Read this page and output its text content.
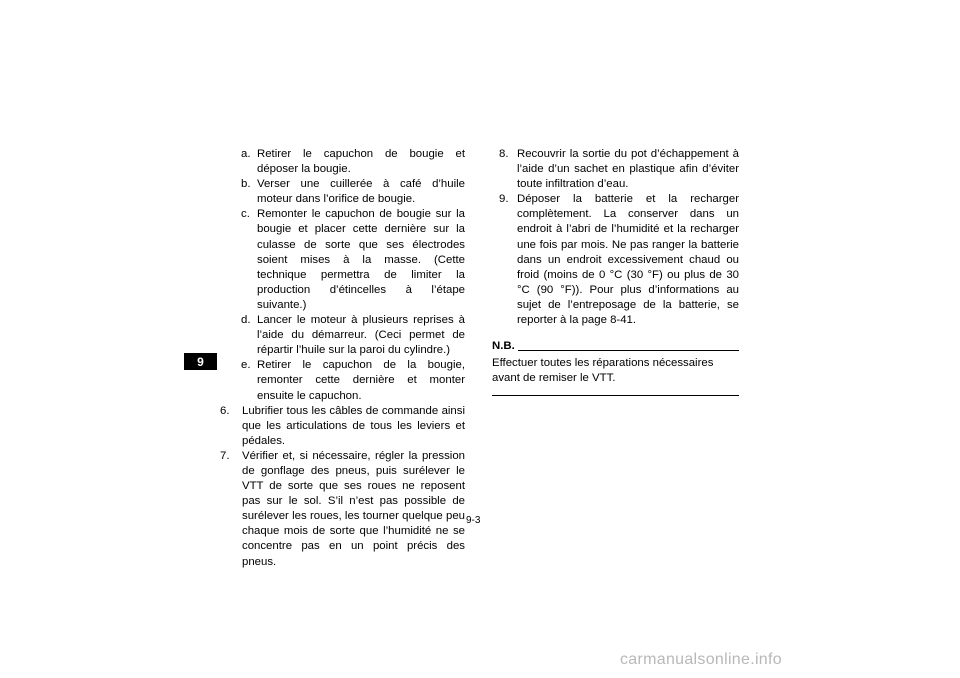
9
a. Retirer le capuchon de bougie et déposer la bougie.
b. Verser une cuillerée à café d’huile moteur dans l’orifice de bougie.
c. Remonter le capuchon de bougie sur la bougie et placer cette dernière sur la culasse de sorte que ses électrodes soient mises à la masse. (Cette technique permettra de limiter la production d’étincelles à l’étape suivante.)
d. Lancer le moteur à plusieurs reprises à l’aide du démarreur. (Ceci permet de répartir l’huile sur la paroi du cylindre.)
e. Retirer le capuchon de la bougie, remonter cette dernière et monter ensuite le capuchon.
6. Lubrifier tous les câbles de commande ainsi que les articulations de tous les leviers et pédales.
7. Vérifier et, si nécessaire, régler la pression de gonflage des pneus, puis surélever le VTT de sorte que ses roues ne reposent pas sur le sol. S’il n’est pas possible de surélever les roues, les tourner quelque peu chaque mois de sorte que l’humidité ne se concentre pas en un point précis des pneus.
8. Recouvrir la sortie du pot d’échappement à l’aide d’un sachet en plastique afin d’éviter toute infiltration d’eau.
9. Déposer la batterie et la recharger complètement. La conserver dans un endroit à l’abri de l’humidité et la recharger une fois par mois. Ne pas ranger la batterie dans un endroit excessivement chaud ou froid (moins de 0 °C (30 °F) ou plus de 30 °C (90 °F)). Pour plus d’informations au sujet de l’entreposage de la batterie, se reporter à la page 8-41.
N.B.
Effectuer toutes les réparations nécessaires avant de remiser le VTT.
9-3
carmanualsonline.info
